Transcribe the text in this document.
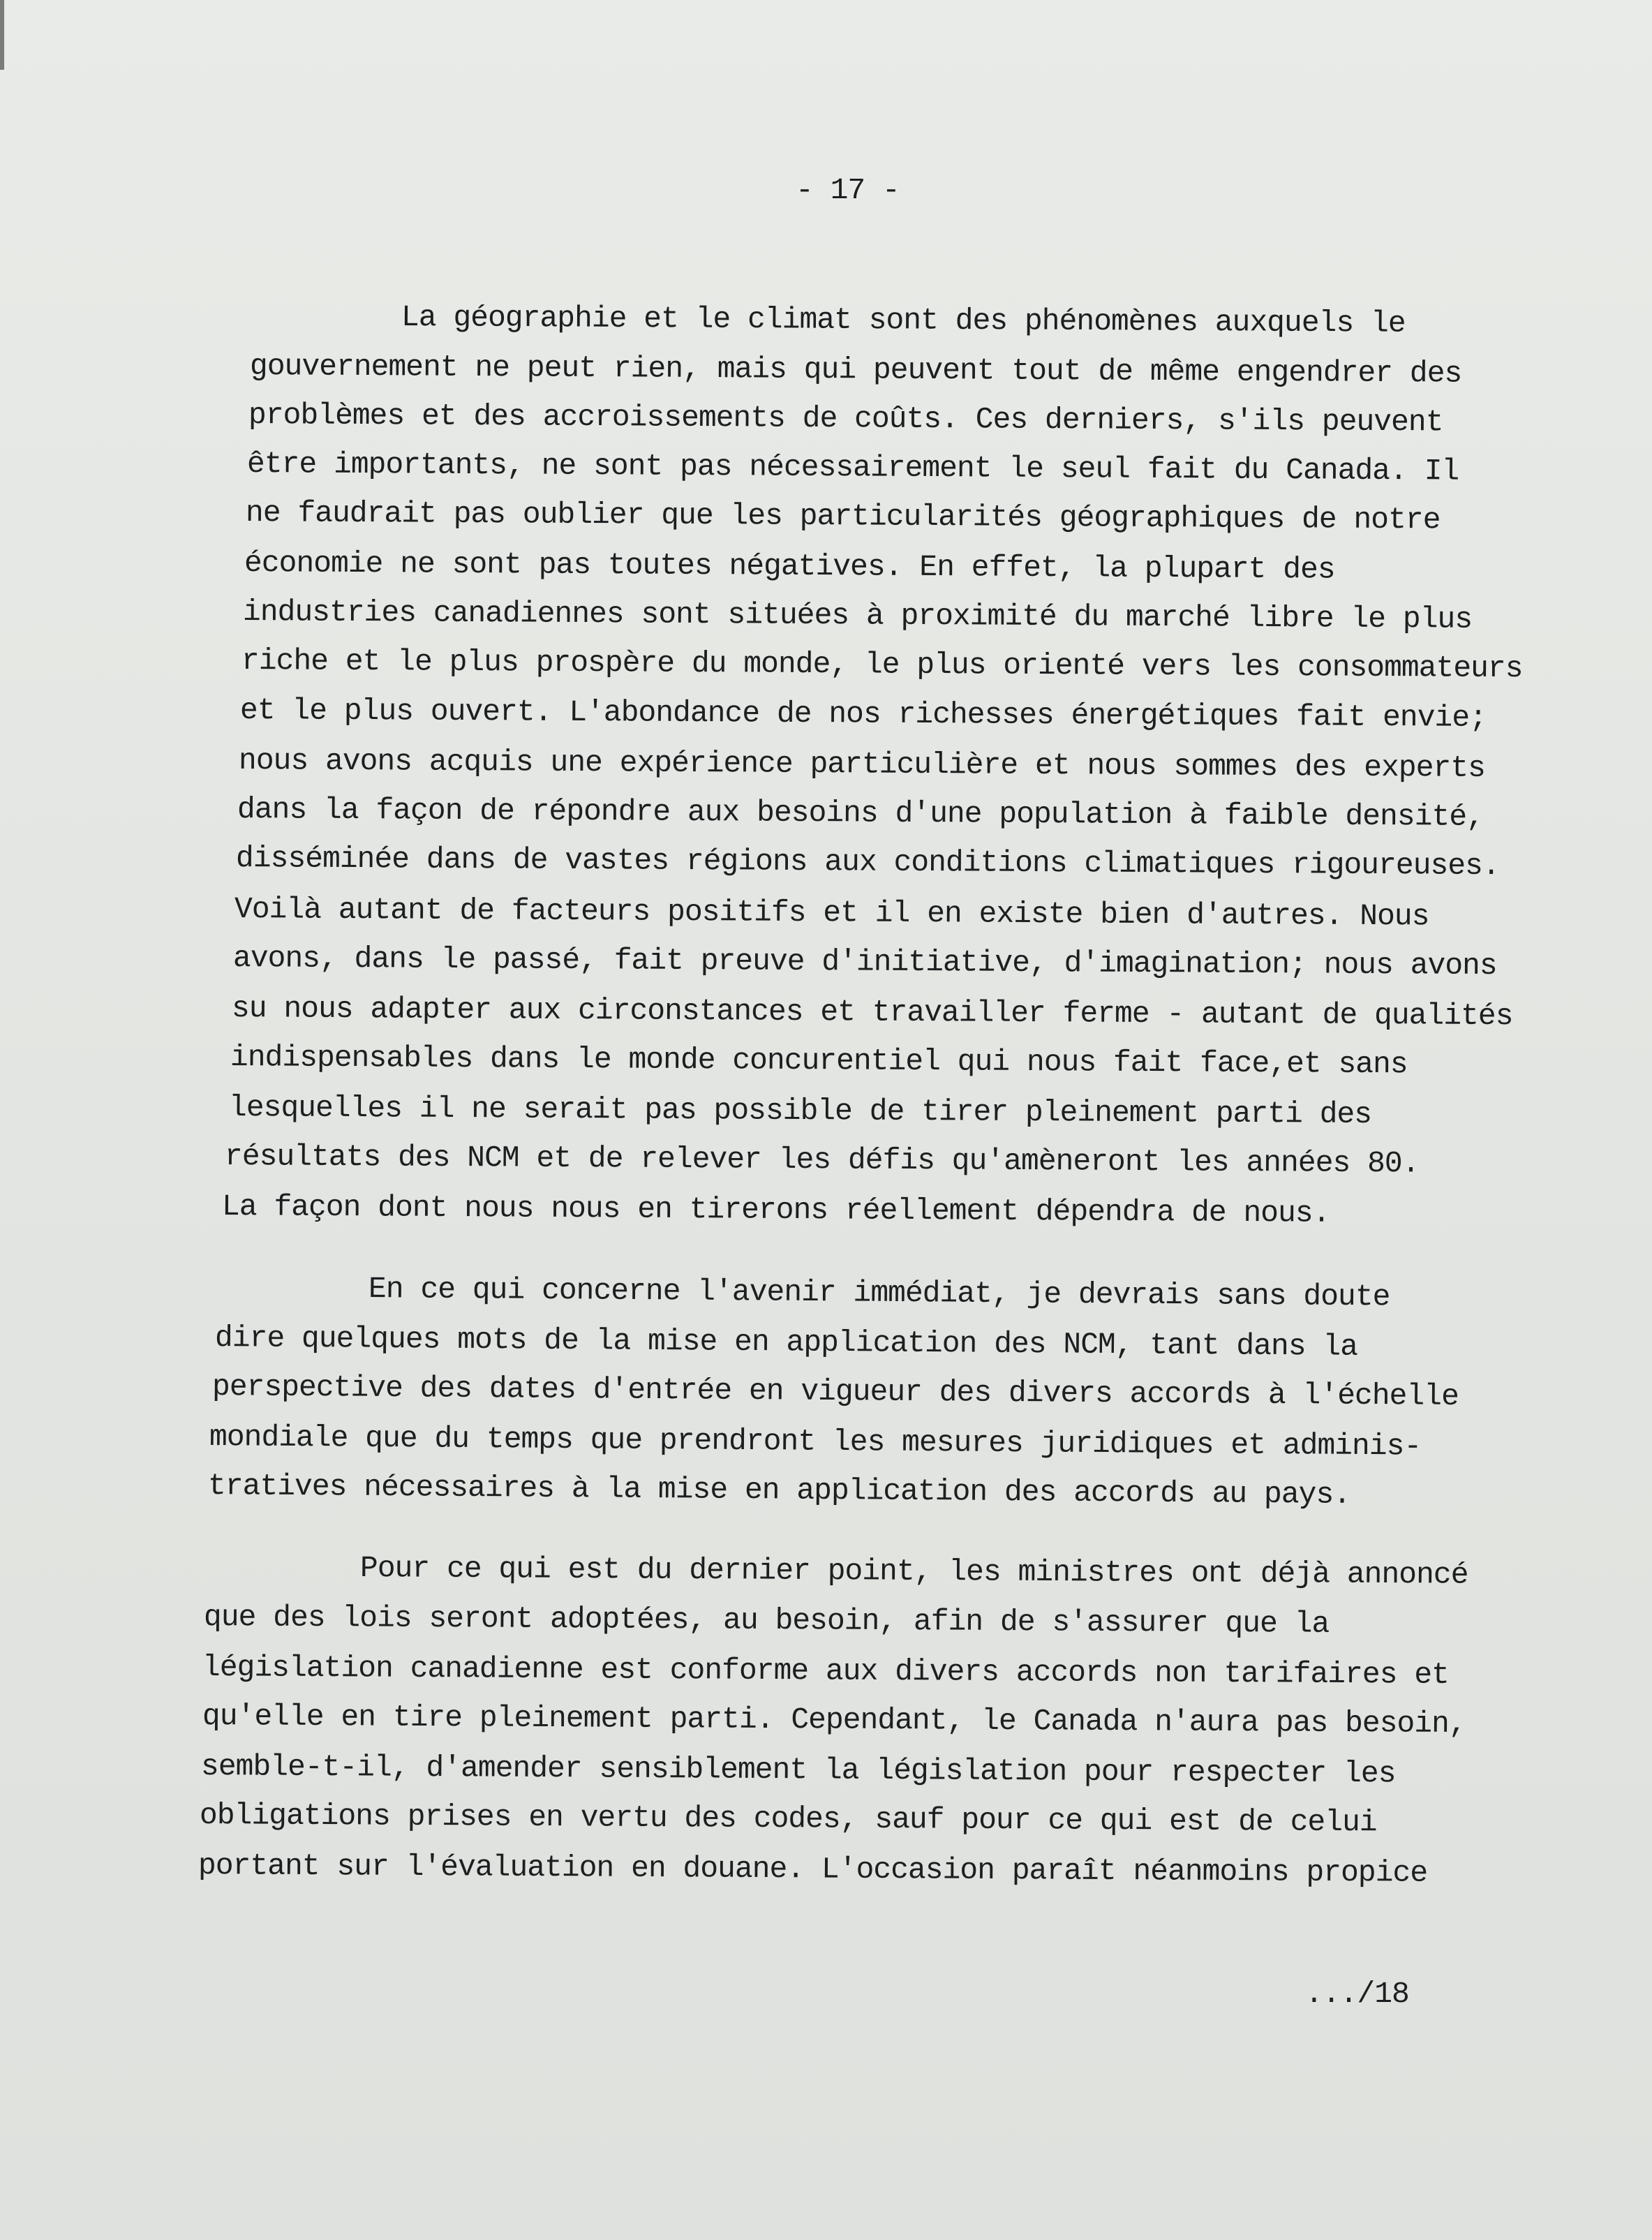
- 17 -
La géographie et le climat sont des phénomènes auxquels le
gouvernement ne peut rien, mais qui peuvent tout de même engendrer des
problèmes et des accroissements de coûts. Ces derniers, s'ils peuvent
être importants, ne sont pas nécessairement le seul fait du Canada. Il
ne faudrait pas oublier que les particularités géographiques de notre
économie ne sont pas toutes négatives. En effet, la plupart des
industries canadiennes sont situées à proximité du marché libre le plus
riche et le plus prospère du monde, le plus orienté vers les consommateurs
et le plus ouvert. L'abondance de nos richesses énergétiques fait envie;
nous avons acquis une expérience particulière et nous sommes des experts
dans la façon de répondre aux besoins d'une population à faible densité,
disséminée dans de vastes régions aux conditions climatiques rigoureuses.
Voilà autant de facteurs positifs et il en existe bien d'autres. Nous
avons, dans le passé, fait preuve d'initiative, d'imagination; nous avons
su nous adapter aux circonstances et travailler ferme - autant de qualités
indispensables dans le monde concurentiel qui nous fait face,et sans
lesquelles il ne serait pas possible de tirer pleinement parti des
résultats des NCM et de relever les défis qu'amèneront les années 80.
La façon dont nous nous en tirerons réellement dépendra de nous.
En ce qui concerne l'avenir immédiat, je devrais sans doute
dire quelques mots de la mise en application des NCM, tant dans la
perspective des dates d'entrée en vigueur des divers accords à l'échelle
mondiale que du temps que prendront les mesures juridiques et adminis-
tratives nécessaires à la mise en application des accords au pays.
Pour ce qui est du dernier point, les ministres ont déjà annoncé
que des lois seront adoptées, au besoin, afin de s'assurer que la
législation canadienne est conforme aux divers accords non tarifaires et
qu'elle en tire pleinement parti. Cependant, le Canada n'aura pas besoin,
semble-t-il, d'amender sensiblement la législation pour respecter les
obligations prises en vertu des codes, sauf pour ce qui est de celui
portant sur l'évaluation en douane. L'occasion paraît néanmoins propice
.../18
